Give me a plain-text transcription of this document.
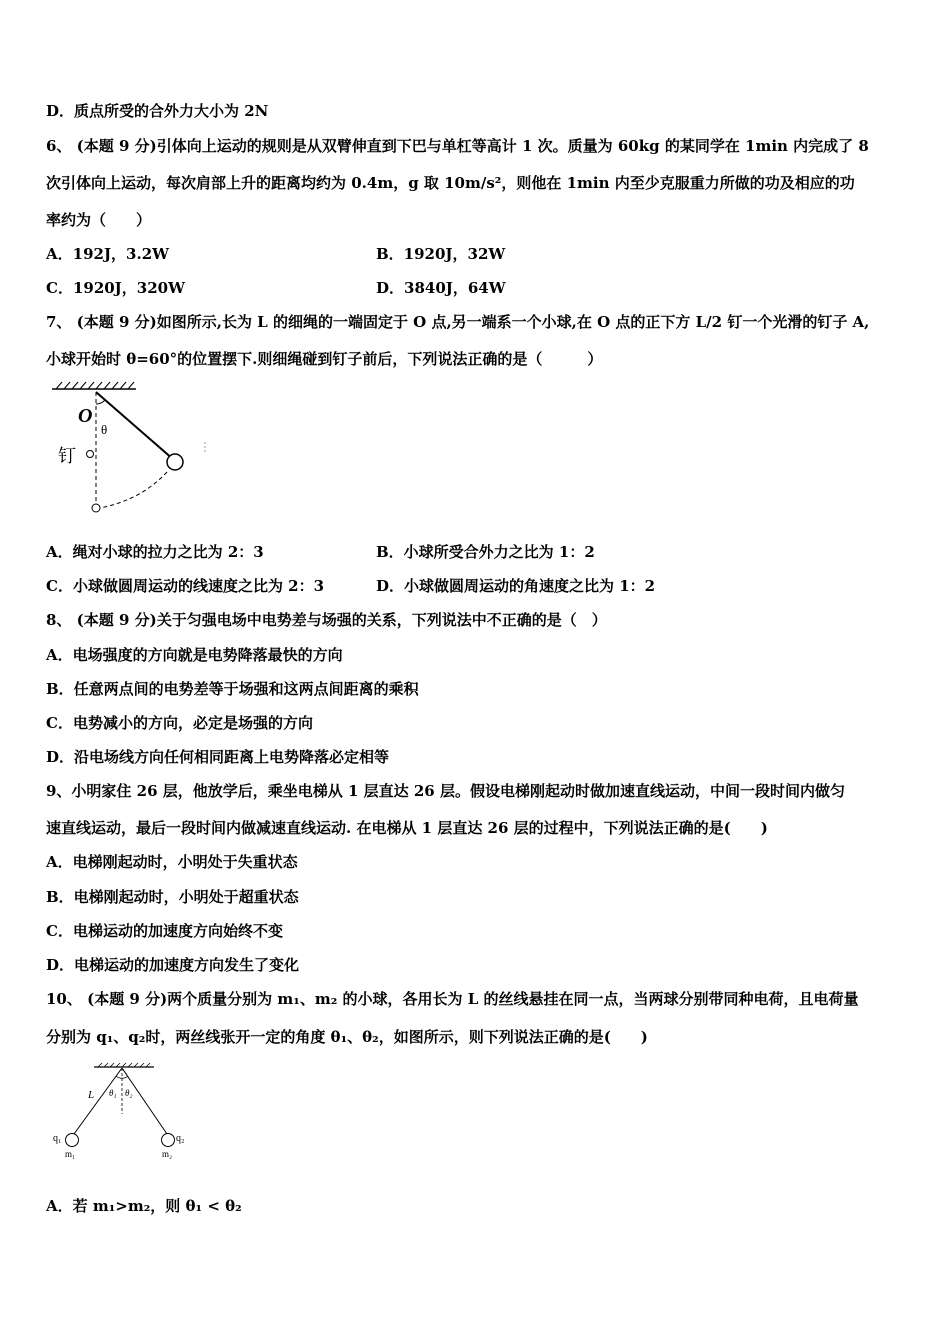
D．质点所受的合外力大小为 2N
6、 (本题 9 分)引体向上运动的规则是从双臂伸直到下巴与单杠等高计 1 次。质量为 60kg 的某同学在 1min 内完成了 8
次引体向上运动，每次肩部上升的距离均约为 0.4m，g 取 10m/s²，则他在 1min 内至少克服重力所做的功及相应的功
率约为（　　）
A．192J，3.2W	B．1920J，32W
C．1920J，320W	D．3840J，64W
7、 (本题 9 分)如图所示,长为 L 的细绳的一端固定于 O 点,另一端系一个小球,在 O 点的正下方 L/2 钉一个光滑的钉子 A,
小球开始时 θ=60°的位置摆下.则细绳碰到钉子前后，下列说法正确的是（　　　）
O
θ
钉
A．绳对小球的拉力之比为 2：3	B．小球所受合外力之比为 1：2
C．小球做圆周运动的线速度之比为 2：3	D．小球做圆周运动的角速度之比为 1：2
8、 (本题 9 分)关于匀强电场中电势差与场强的关系，下列说法中不正确的是（　）
A．电场强度的方向就是电势降落最快的方向
B．任意两点间的电势差等于场强和这两点间距离的乘积
C．电势减小的方向，必定是场强的方向
D．沿电场线方向任何相同距离上电势降落必定相等
9、小明家住 26 层，他放学后，乘坐电梯从 1 层直达 26 层。假设电梯刚起动时做加速直线运动，中间一段时间内做匀
速直线运动，最后一段时间内做减速直线运动. 在电梯从 1 层直达 26 层的过程中，下列说法正确的是(　　)
A．电梯刚起动时，小明处于失重状态
B．电梯刚起动时，小明处于超重状态
C．电梯运动的加速度方向始终不变
D．电梯运动的加速度方向发生了变化
10、 (本题 9 分)两个质量分别为 m₁、m₂ 的小球，各用长为 L 的丝线悬挂在同一点，当两球分别带同种电荷，且电荷量
分别为 q₁、q₂时，两丝线张开一定的角度 θ₁、θ₂，如图所示，则下列说法正确的是(　　)
L θ₁ θ₂
q₁	q₂
m₁	m₂
A．若 m₁>m₂，则 θ₁ < θ₂
